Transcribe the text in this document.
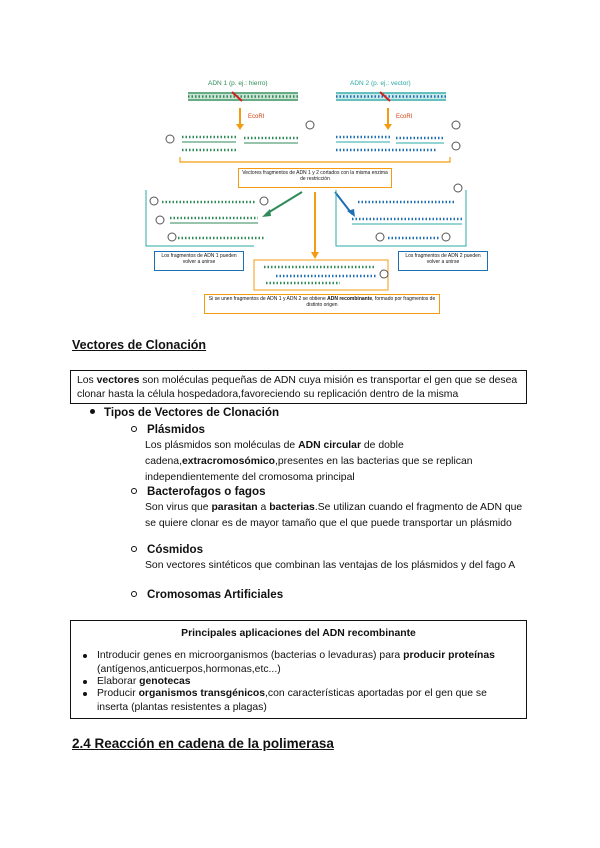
ADN 1 (p. ej.: hierro)	ADN 2 (p. ej.: vector)
EcoRI	EcoRI
Vectores fragmentos de ADN 1 y 2 cortados con la misma enzima de restricción
Los fragmentos de ADN 1 pueden volver a unirse
Los fragmentos de ADN 2 pueden volver a unirse
Si se unen fragmentos de ADN 1 y ADN 2 se obtiene ADN recombinante, formado por fragmentos de distinto origen
Vectores de Clonación
Los vectores son moléculas pequeñas de ADN cuya misión es transportar el gen que se desea clonar hasta la célula hospedadora,favoreciendo su replicación dentro de la misma
Tipos de Vectores de Clonación
Plásmidos
Los plásmidos son moléculas de ADN circular de doble cadena,extracromosómico,presentes en las bacterias que se replican independientemente del cromosoma principal
Bacterofagos o fagos
Son virus que parasitan a bacterias.Se utilizan cuando el fragmento de ADN que se quiere clonar es de mayor tamaño que el que puede transportar un plásmido
Cósmidos
Son vectores sintéticos que combinan las ventajas de los plásmidos y del fago A
Cromosomas Artificiales
Principales aplicaciones del ADN recombinante
Introducir genes en microorganismos (bacterias o levaduras) para producir proteínas (antígenos,anticuerpos,hormonas,etc...)
Elaborar genotecas
Producir organismos transgénicos,con características aportadas por el gen que se inserta (plantas resistentes a plagas)
2.4 Reacción en cadena de la polimerasa
